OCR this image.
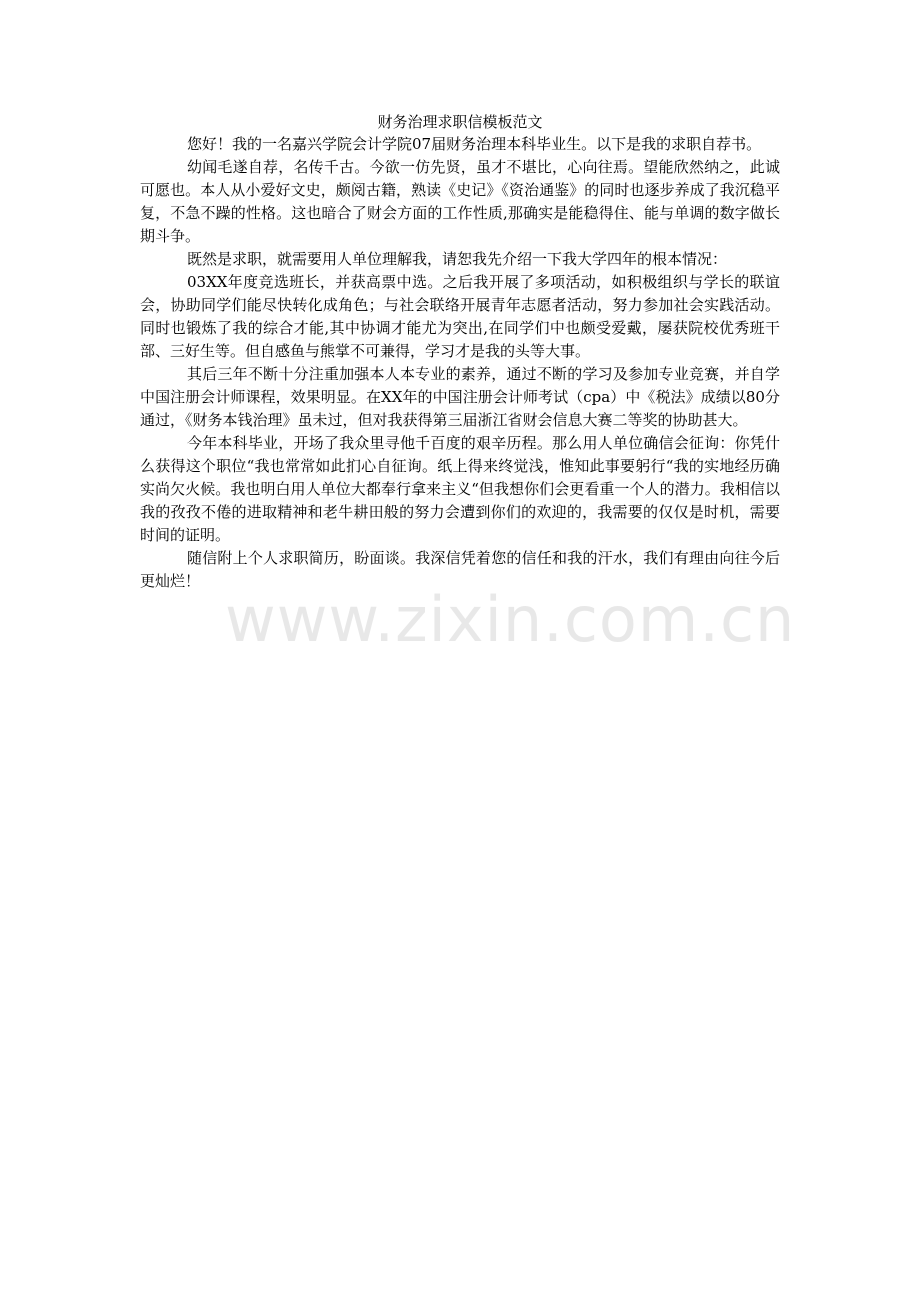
财务治理求职信模板范文

您好！我的一名嘉兴学院会计学院07届财务治理本科毕业生。以下是我的求职自荐书。

幼闻毛遂自荐，名传千古。今欲一仿先贤，虽才不堪比，心向往焉。望能欣然纳之，此诚可愿也。本人从小爱好文史，颇阅古籍，熟读《史记》《资治通鉴》的同时也逐步养成了我沉稳平复，不急不躁的性格。这也暗合了财会方面的工作性质,那确实是能稳得住、能与单调的数字做长期斗争。

既然是求职，就需要用人单位理解我，请恕我先介绍一下我大学四年的根本情况：

03XX年度竞选班长，并获高票中选。之后我开展了多项活动，如积极组织与学长的联谊会，协助同学们能尽快转化成角色；与社会联络开展青年志愿者活动，努力参加社会实践活动。同时也锻炼了我的综合才能,其中协调才能尤为突出,在同学们中也颇受爱戴，屡获院校优秀班干部、三好生等。但自感鱼与熊掌不可兼得，学习才是我的头等大事。

其后三年不断十分注重加强本人本专业的素养，通过不断的学习及参加专业竞赛，并自学中国注册会计师课程，效果明显。在XX年的中国注册会计师考试（cpa）中《税法》成绩以80分通过，《财务本钱治理》虽未过，但对我获得第三届浙江省财会信息大赛二等奖的协助甚大。

今年本科毕业，开场了我众里寻他千百度的艰辛历程。那么用人单位确信会征询：你凭什么获得这个职位“我也常常如此扪心自征询。纸上得来终觉浅，惟知此事要躬行“我的实地经历确实尚欠火候。我也明白用人单位大都奉行拿来主义“但我想你们会更看重一个人的潜力。我相信以我的孜孜不倦的进取精神和老牛耕田般的努力会遭到你们的欢迎的，我需要的仅仅是时机，需要时间的证明。

随信附上个人求职简历，盼面谈。我深信凭着您的信任和我的汗水，我们有理由向往今后更灿烂！

www.zixin.com.cn
